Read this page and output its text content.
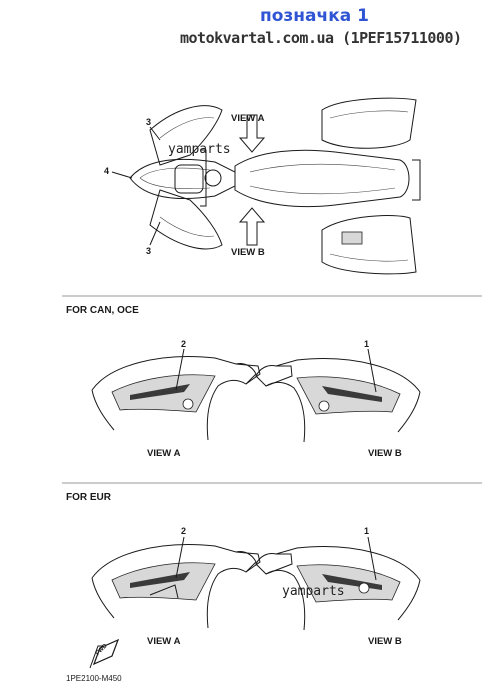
позначка 1
motokvartal.com.ua (1PEF15711000)
3
4
3
VIEW A
VIEW B
yamparts
FOR CAN, OCE
2	1
VIEW A	VIEW B
FOR EUR
2	1
VIEW A	VIEW B
yamparts
FWD
1PE2100-M450
